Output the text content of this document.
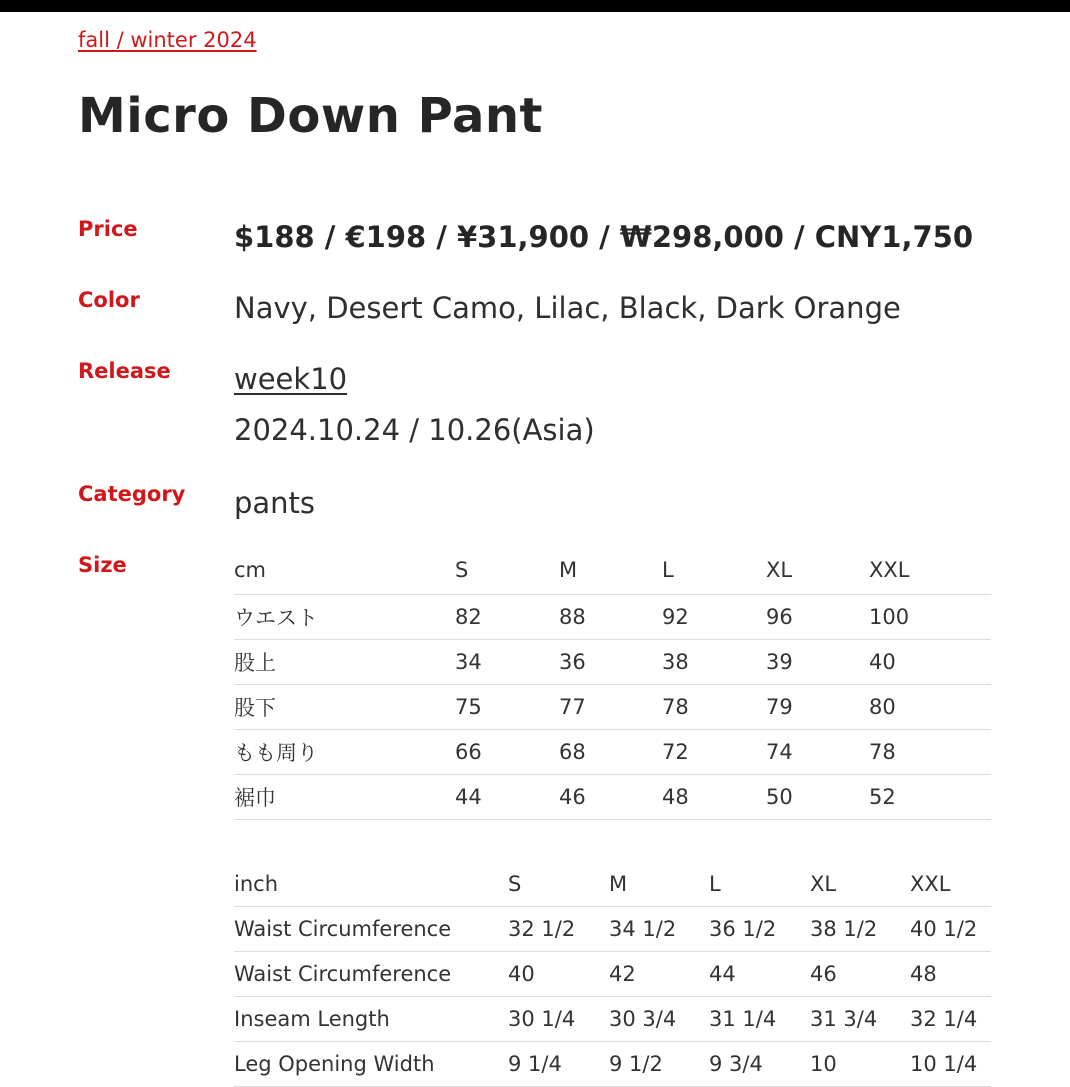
fall / winter 2024
Micro Down Pant
Price	$188 / €198 / ¥31,900 / ₩298,000 / CNY1,750
Color	Navy, Desert Camo, Lilac, Black, Dark Orange
Release week10
2024.10.24 / 10.26(Asia)
Category pants
Size	cm	S	M	L	XL	XXL
ウエスト	82	88	92	96	100
股上	34	36	38	39	40
股下	75	77	78	79	80
もも周り	66	68	72	74	78
裾巾	44	46	48	50	52
inch	S	M	L	XL	XXL
Waist Circumference	32 1/2	34 1/2	36 1/2	38 1/2	40 1/2
Waist Circumference	40	42	44	46	48
Inseam Length	30 1/4	30 3/4	31 1/4	31 3/4	32 1/4
Leg Opening Width	9 1/4	9 1/2	9 3/4	10	10 1/4
